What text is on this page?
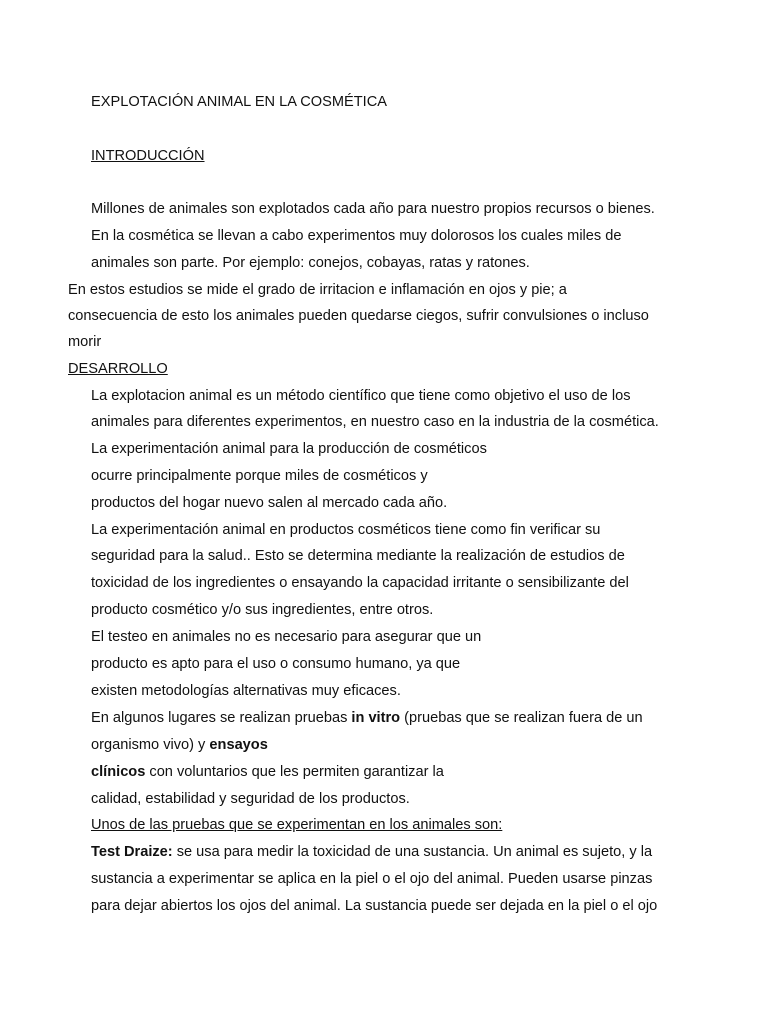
EXPLOTACIÓN ANIMAL EN LA COSMÉTICA
INTRODUCCIÓN
Millones de animales son explotados cada año para nuestro propios recursos o bienes.
En la cosmética se llevan a cabo experimentos muy dolorosos los cuales miles de
animales son parte. Por ejemplo: conejos, cobayas, ratas y ratones.
En estos estudios se mide el grado de irritacion e inflamación en ojos y pie; a
consecuencia de esto los animales pueden quedarse ciegos, sufrir convulsiones o incluso
morir
DESARROLLO
La explotacion animal es un método científico que tiene como objetivo el uso de los
animales para diferentes experimentos, en nuestro caso en la industria de la cosmética.
La experimentación animal para la producción de cosméticos
ocurre principalmente porque miles de cosméticos y
productos del hogar nuevo salen al mercado cada año.
La experimentación animal en productos cosméticos tiene como fin verificar su
seguridad para la salud.. Esto se determina mediante la realización de estudios de
toxicidad de los ingredientes o ensayando la capacidad irritante o sensibilizante del
producto cosmético y/o sus ingredientes, entre otros.
El testeo en animales no es necesario para asegurar que un
producto es apto para el uso o consumo humano, ya que
existen metodologías alternativas muy eficaces.
En algunos lugares se realizan pruebas in vitro (pruebas que se realizan fuera de un
organismo vivo) y ensayos
clínicos con voluntarios que les permiten garantizar la
calidad, estabilidad y seguridad de los productos.
Unos de las pruebas que se experimentan en los animales son:
Test Draize: se usa para medir la toxicidad de una sustancia. Un animal es sujeto, y la
sustancia a experimentar se aplica en la piel o el ojo del animal. Pueden usarse pinzas
para dejar abiertos los ojos del animal. La sustancia puede ser dejada en la piel o el ojo
